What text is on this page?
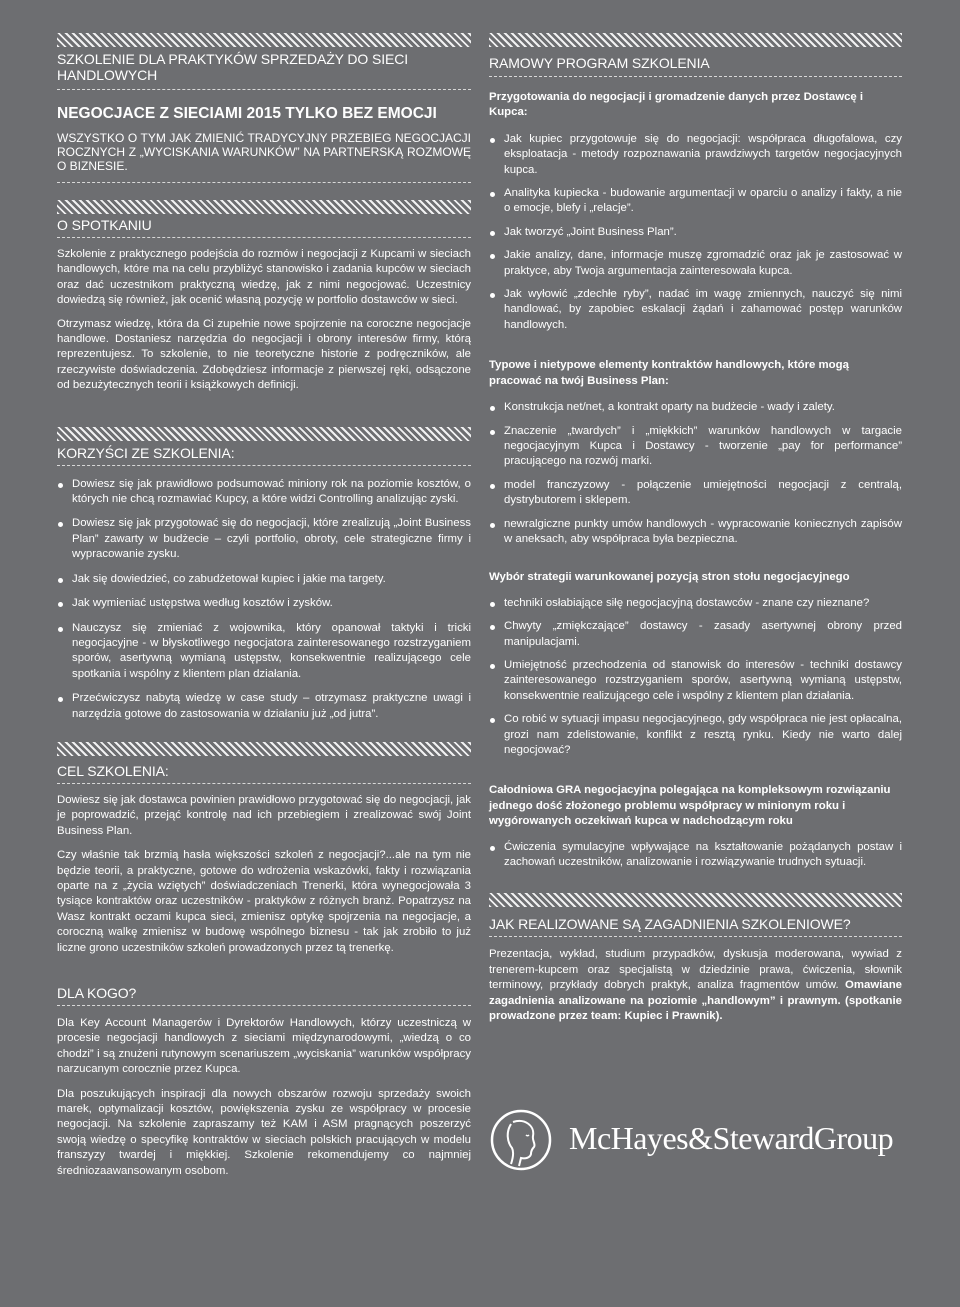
SZKOLENIE DLA PRAKTYKÓW SPRZEDAŻY DO SIECI HANDLOWYCH

NEGOCJACE Z SIECIAMI 2015 TYLKO BEZ EMOCJI

WSZYSTKO O TYM JAK ZMIENIĆ TRADYCYJNY PRZEBIEG NEGOCJACJI ROCZNYCH Z „WYCISKANIA WARUNKÓW” NA PARTNERSKĄ ROZMOWĘ O BIZNESIE.

O SPOTKANIU

Szkolenie z praktycznego podejścia do rozmów i negocjacji z Kupcami w sieciach handlowych, które ma na celu przybliżyć stanowisko i zadania kupców w sieciach oraz dać uczestnikom praktyczną wiedzę, jak z nimi negocjować. Uczestnicy dowiedzą się również, jak ocenić własną pozycję w portfolio dostawców w sieci.

Otrzymasz wiedzę, która da Ci zupełnie nowe spojrzenie na coroczne negocjacje handlowe. Dostaniesz narzędzia do negocjacji i obrony interesów firmy, którą reprezentujesz. To szkolenie, to nie teoretyczne historie z podręczników, ale rzeczywiste doświadczenia. Zdobędziesz informacje z pierwszej ręki, odsączone od bezużytecznych teorii i książkowych definicji.

KORZYŚCI ZE SZKOLENIA:
Dowiesz się jak prawidłowo podsumować miniony rok na poziomie kosztów, o których nie chcą rozmawiać Kupcy, a które widzi Controlling analizując zyski.
Dowiesz się jak przygotować się do negocjacji, które zrealizują „Joint Business Plan” zawarty w budżecie – czyli portfolio, obroty, cele strategiczne firmy i wypracowanie zysku.
Jak się dowiedzieć, co zabudżetował kupiec i jakie ma targety.
Jak wymieniać ustępstwa według kosztów i zysków.
Nauczysz się zmieniać z wojownika, który opanował taktyki i tricki negocjacyjne - w błyskotliwego negocjatora zainteresowanego rozstrzyganiem sporów, asertywną wymianą ustępstw, konsekwentnie realizującego cele spotkania i wspólny z klientem plan działania.
Przećwiczysz nabytą wiedzę w case study – otrzymasz praktyczne uwagi i narzędzia gotowe do zastosowania w działaniu już „od jutra”.
CEL SZKOLENIA:

Dowiesz się jak dostawca powinien prawidłowo przygotować się do negocjacji, jak je poprowadzić, przejąć kontrolę nad ich przebiegiem i zrealizować swój Joint Business Plan.

Czy właśnie tak brzmią hasła większości szkoleń z negocjacji?...ale na tym nie będzie teorii, a praktyczne, gotowe do wdrożenia wskazówki, fakty i rozwiązania oparte na z „życia wziętych” doświadczeniach Trenerki, która wynegocjowała 3 tysiące kontraktów oraz uczestników - praktyków z różnych branż. Popatrzysz na Wasz kontrakt oczami kupca sieci, zmienisz optykę spojrzenia na negocjacje, a coroczną walkę zmienisz w budowę wspólnego biznesu - tak jak zrobiło to już liczne grono uczestników szkoleń prowadzonych przez tą trenerkę.

RAMOWY PROGRAM SZKOLENIA

Przygotowania do negocjacji i gromadzenie danych przez Dostawcę i Kupca:

Jak kupiec przygotowuje się do negocjacji: współpraca długofalowa, czy eksploatacja - metody rozpoznawania prawdziwych targetów negocjacyjnych kupca.
Analityka kupiecka - budowanie argumentacji w oparciu o analizy i fakty, a nie o emocje, blefy i „relacje”.
Jak tworzyć „Joint Business Plan”.
Jakie analizy, dane, informacje muszę zgromadzić oraz jak je zastosować w praktyce, aby Twoja argumentacja zainteresowała kupca.
Jak wyłowić „zdechłe ryby”, nadać im wagę zmiennych, nauczyć się nimi handlować, by zapobiec eskalacji żądań i zahamować postęp warunków handlowych.

Typowe i nietypowe elementy kontraktów handlowych, które mogą pracować na twój Business Plan:

Konstrukcja net/net, a kontrakt oparty na budżecie - wady i zalety.
Znaczenie „twardych” i „miękkich” warunków handlowych w targacie negocjacyjnym Kupca i Dostawcy - tworzenie „pay for performance” pracującego na rozwój marki.
model franczyzowy - połączenie umiejętności negocjacji z centralą, dystrybutorem i sklepem.
newralgiczne punkty umów handlowych - wypracowanie koniecznych zapisów w aneksach, aby współpraca była bezpieczna.

Wybór strategii warunkowanej pozycją stron stołu negocjacyjnego

techniki osłabiające siłę negocjacyjną dostawców - znane czy nieznane?
Chwyty „zmiękczające” dostawcy - zasady asertywnej obrony przed manipulacjami.
Umiejętność przechodzenia od stanowisk do interesów - techniki dostawcy zainteresowanego rozstrzyganiem sporów, asertywną wymianą ustępstw, konsekwentnie realizującego cele i wspólny z klientem plan działania.
Co robić w sytuacji impasu negocjacyjnego, gdy współpraca nie jest opłacalna, grozi nam zdelistowanie, konflikt z resztą rynku. Kiedy nie warto dalej negocjować?

Całodniowa GRA negocjacyjna polegająca na kompleksowym rozwiązaniu jednego dość złożonego problemu współpracy w minionym roku i wygórowanych oczekiwań kupca w nadchodzącym roku

Ćwiczenia symulacyjne wpływające na kształtowanie pożądanych postaw i zachowań uczestników, analizowanie i rozwiązywanie trudnych sytuacji.
JAK REALIZOWANE SĄ ZAGADNIENIA SZKOLENIOWE?

Prezentacja, wykład, studium przypadków, dyskusja moderowana, wywiad z trenerem-kupcem oraz specjalistą w dziedzinie prawa, ćwiczenia, słownik terminowy, przykłady dobrych praktyk, analiza fragmentów umów. Omawiane zagadnienia analizowane na poziomie „handlowym” i prawnym. (spotkanie prowadzone przez team: Kupiec i Prawnik).

DLA KOGO?

Dla Key Account Managerów i Dyrektorów Handlowych, którzy uczestniczą w procesie negocjacji handlowych z sieciami międzynarodowymi, „wiedzą o co chodzi” i są znużeni rutynowym scenariuszem „wyciskania” warunków współpracy narzucanym corocznie przez Kupca.

Dla poszukujących inspiracji dla nowych obszarów rozwoju sprzedaży swoich marek, optymalizacji kosztów, powiększenia zysku ze współpracy w procesie negocjacji. Na szkolenie zapraszamy też KAM i ASM pragnących poszerzyć swoją wiedzę o specyfikę kontraktów w sieciach polskich pracujących w modelu franszyzy twardej i miękkiej. Szkolenie rekomendujemy co najmniej średniozaawansowanym osobom.

McHayes&StewardGroup
